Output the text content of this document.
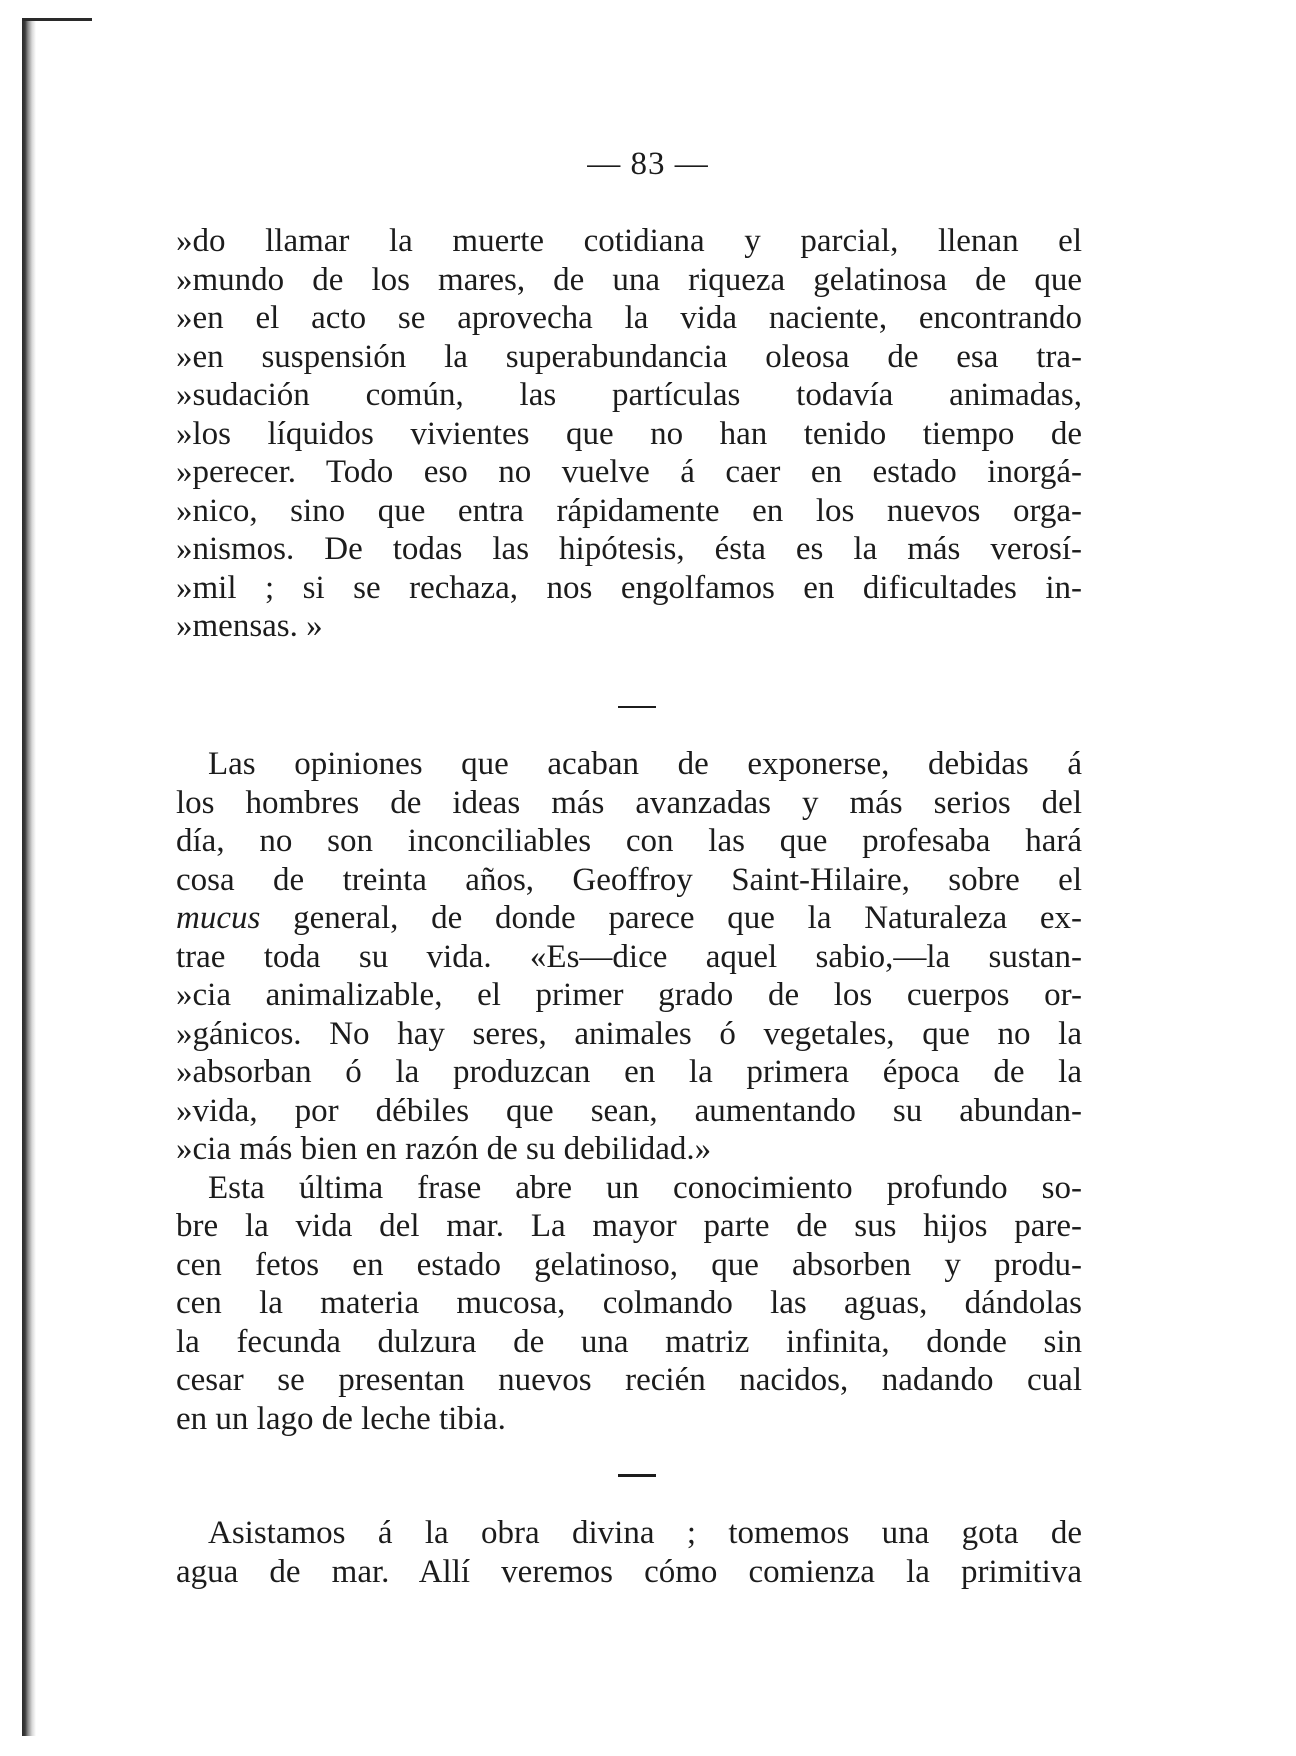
— 83 —
»do llamar la muerte cotidiana y parcial, llenan el
»mundo de los mares, de una riqueza gelatinosa de que
»en el acto se aprovecha la vida naciente, encontrando
»en suspensión la superabundancia oleosa de esa tra-
»sudación común, las partículas todavía animadas,
»los líquidos vivientes que no han tenido tiempo de
»perecer. Todo eso no vuelve á caer en estado inorgá-
»nico, sino que entra rápidamente en los nuevos orga-
»nismos. De todas las hipótesis, ésta es la más verosí-
»mil ; si se rechaza, nos engolfamos en dificultades in-
»mensas. »
Las opiniones que acaban de exponerse, debidas á
los hombres de ideas más avanzadas y más serios del
día, no son inconciliables con las que profesaba hará
cosa de treinta años, Geoffroy Saint-Hilaire, sobre el
mucus general, de donde parece que la Naturaleza ex-
trae toda su vida. «Es—dice aquel sabio,—la sustan-
»cia animalizable, el primer grado de los cuerpos or-
»gánicos. No hay seres, animales ó vegetales, que no la
»absorban ó la produzcan en la primera época de la
»vida, por débiles que sean, aumentando su abundan-
»cia más bien en razón de su debilidad.»
Esta última frase abre un conocimiento profundo so-
bre la vida del mar. La mayor parte de sus hijos pare-
cen fetos en estado gelatinoso, que absorben y produ-
cen la materia mucosa, colmando las aguas, dándolas
la fecunda dulzura de una matriz infinita, donde sin
cesar se presentan nuevos recién nacidos, nadando cual
en un lago de leche tibia.
Asistamos á la obra divina ; tomemos una gota de
agua de mar. Allí veremos cómo comienza la primitiva
